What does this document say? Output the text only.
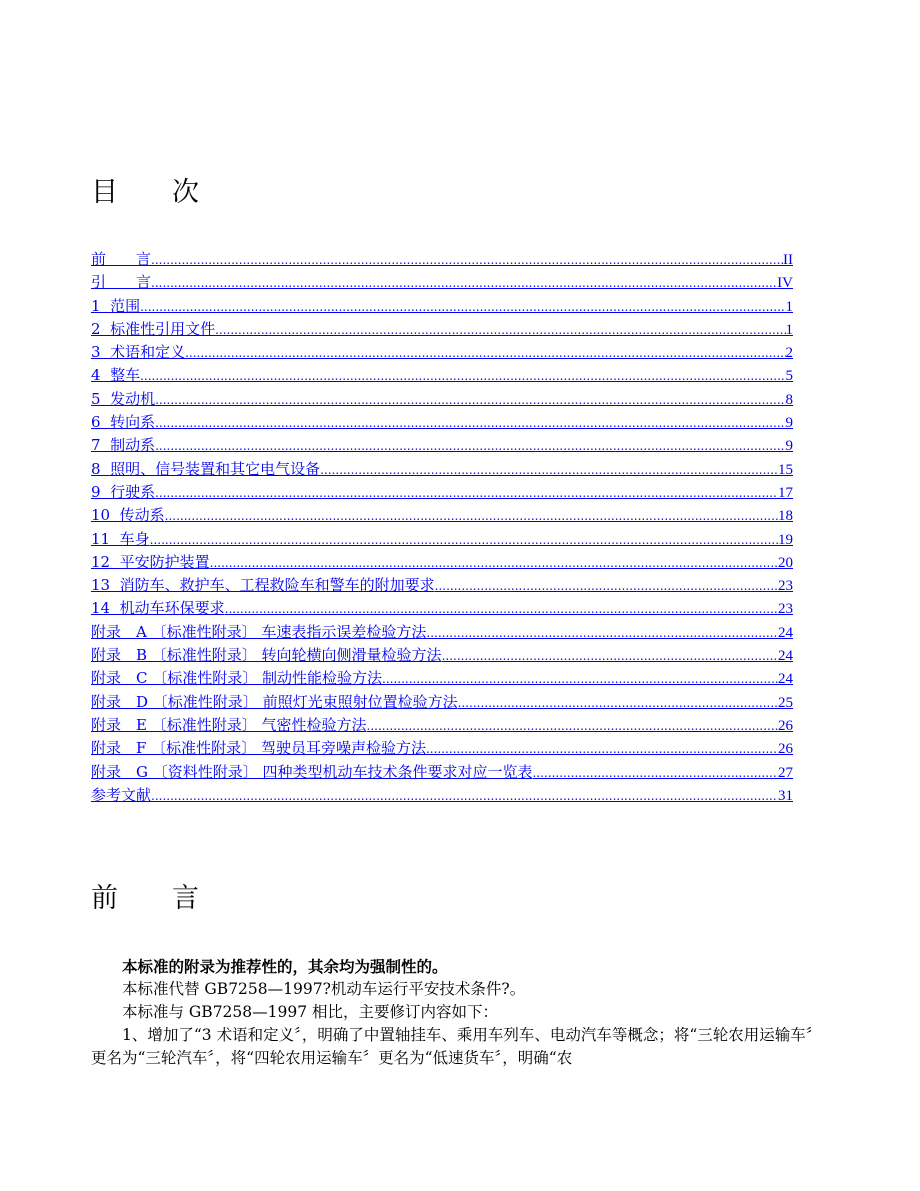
目　　次
前　　言 .....	II
引　　言 .....	IV
1  范围 .....	1
2  标准性引用文件 .....	1
3  术语和定义 .....	2
4  整车 .....	5
5  发动机 .....	8
6  转向系 .....	9
7  制动系 .....	9
8  照明、信号装置和其它电气设备 .....	15
9  行驶系 .....	17
10  传动系 .....	18
11  车身 .....	19
12  平安防护装置 .....	20
13  消防车、救护车、工程救险车和警车的附加要求 .....	23
14  机动车环保要求 .....	23
附录　A 〔标准性附录〕 车速表指示误差检验方法 .....	24
附录　B 〔标准性附录〕 转向轮横向侧滑量检验方法 .....	24
附录　C 〔标准性附录〕 制动性能检验方法 .....	24
附录　D 〔标准性附录〕 前照灯光束照射位置检验方法 .....	25
附录　E 〔标准性附录〕 气密性检验方法 .....	26
附录　F 〔标准性附录〕 驾驶员耳旁噪声检验方法 .....	26
附录　G 〔资料性附录〕 四种类型机动车技术条件要求对应一览表 .....	27
参考文献 .....	31
前　　言

本标准的附录为推荐性的，其余均为强制性的。

本标准代替 GB7258—1997?机动车运行平安技术条件?。

本标准与 GB7258—1997 相比，主要修订内容如下：

1、增加了“3 术语和定义〞，明确了中置轴挂车、乘用车列车、电动汽车等概念；将“三轮农用运输车〞更名为“三轮汽车〞，将“四轮农用运输车〞更名为“低速货车〞，明确“农
